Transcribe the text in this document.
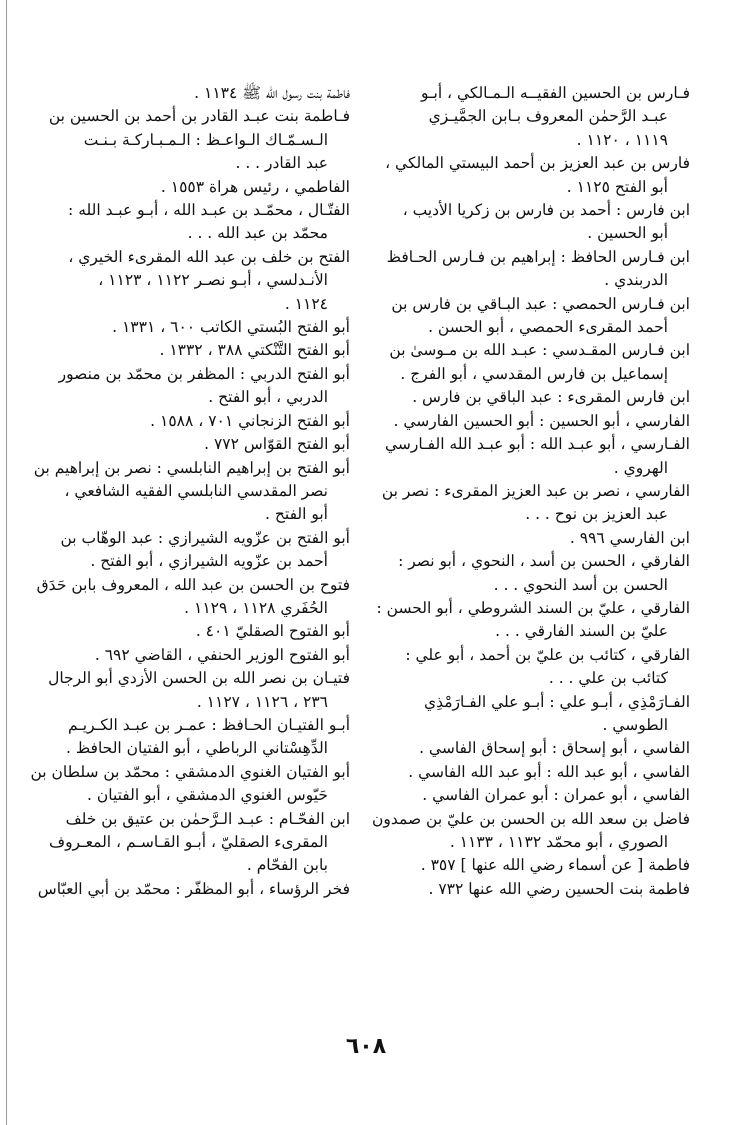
فـارس بن الحسين الفقيــه الـمـالكي ، أبـو
عبـد الرَّحمٰن المعروف بـابن الجمَّيـزي
١١١٩ ، ١١٢٠ .
فارس بن عبد العزيز بن أحمد البيستي المالكي ،
أبو الفتح ١١٢٥ .
ابن فارس : أحمد بن فارس بن زكريا الأديب ،
أبو الحسين .
ابن فـارس الحافظ : إبراهيم بن فـارس الحـافظ
الدربندي .
ابن فـارس الحمصي : عبد البـاقي بن فارس بن
أحمد المقرىء الحمصي ، أبو الحسن .
ابن فـارس المقـدسي : عبـد الله بن مـوسىٰ بن
إسماعيل بن فارس المقدسي ، أبو الفرج .
ابن فارس المقرىء : عبد الباقي بن فارس .
الفارسي ، أبو الحسين : أبو الحسين الفارسي .
الفـارسي ، أبو عبـد الله : أبو عبـد الله الفـارسي
الهروي .
الفارسي ، نصر بن عبد العزيز المقرىء : نصر بن
عبد العزيز بن نوح . . .
ابن الفارسي ٩٩٦ .
الفارقي ، الحسن بن أسد ، النحوي ، أبو نصر :
الحسن بن أسد النحوي . . .
الفارقي ، عليّ بن السند الشروطي ، أبو الحسن :
عليّ بن السند الفارقي . . .
الفارقي ، كتائب بن عليّ بن أحمد ، أبو علي :
كتائب بن علي . . .
الفـارَمْذِي ، أبـو علي : أبـو علي الفـارَمْذِي
الطوسي .
الفاسي ، أبو إسحاق : أبو إسحاق الفاسي .
الفاسي ، أبو عبد الله : أبو عبد الله الفاسي .
الفاسي ، أبو عمران : أبو عمران الفاسي .
فاضل بن سعد الله بن الحسن بن عليّ بن صمدون
الصوري ، أبو محمّد ١١٣٢ ، ١١٣٣ .
فاطمة [ عن أسماء رضي الله عنها ] ٣٥٧ .
فاطمة بنت الحسين رضي الله عنها ٧٣٢ .
فاطمة بنت رسول الله ﷺ ١١٣٤ .
فـاطمة بنت عبـد القادر بن أحمد بن الحسين بن
الـسـمّـاك الـواعـظ : الـمـبـاركـة بـنـت
عبد القادر . . .
الفاطمي ، رئيس هراة ١٥٥٣ .
الفتّـال ، محمّـد بن عبـد الله ، أبـو عبـد الله :
محمّد بن عبد الله . . .
الفتح بن خلف بن عبد الله المقرىء الخيري ،
الأنـدلسي ، أبـو نصـر ١١٢٢ ، ١١٢٣ ،
١١٢٤ .
أبو الفتح البُستي الكاتب ٦٠٠ ، ١٣٣١ .
أبو الفتح التَّنْكتي ٣٨٨ ، ١٣٣٢ .
أبو الفتح الدربي : المظفر بن محمّد بن منصور
الدربي ، أبو الفتح .
أبو الفتح الزنجاني ٧٠١ ، ١٥٨٨ .
أبو الفتح القوّاس ٧٧٢ .
أبو الفتح بن إبراهيم النابلسي : نصر بن إبراهيم بن
نصر المقدسي النابلسي الفقيه الشافعي ،
أبو الفتح .
أبو الفتح بن عزّويه الشيرازي : عبد الوهّاب بن
أحمد بن عزّويه الشيرازي ، أبو الفتح .
فتوح بن الحسن بن عبد الله ، المعروف بابن حَدَق
الحُفَري ١١٢٨ ، ١١٢٩ .
أبو الفتوح الصقليّ ٤٠١ .
أبو الفتوح الوزير الحنفي ، القاضي ٦٩٢ .
فتيـان بن نصر الله بن الحسن الأزدي أبو الرجال
٢٣٦ ، ١١٢٦ ، ١١٢٧ .
أبـو الفتيـان الحـافظ : عمـر بن عبـد الكـريـم
الدِّهِسْتاني الرباطي ، أبو الفتيان الحافظ .
أبو الفتيان الغنوي الدمشقي : محمّد بن سلطان بن
حَيّوس الغنوي الدمشقي ، أبو الفتيان .
ابن الفحّـام : عبـد الـرَّحمٰن بن عتيق بن خلف
المقرىء الصقليّ ، أبـو القـاسـم ، المعـروف
بابن الفحّام .
فخر الرؤساء ، أبو المظفّر : محمّد بن أبي العبّاس
٦٠٨
